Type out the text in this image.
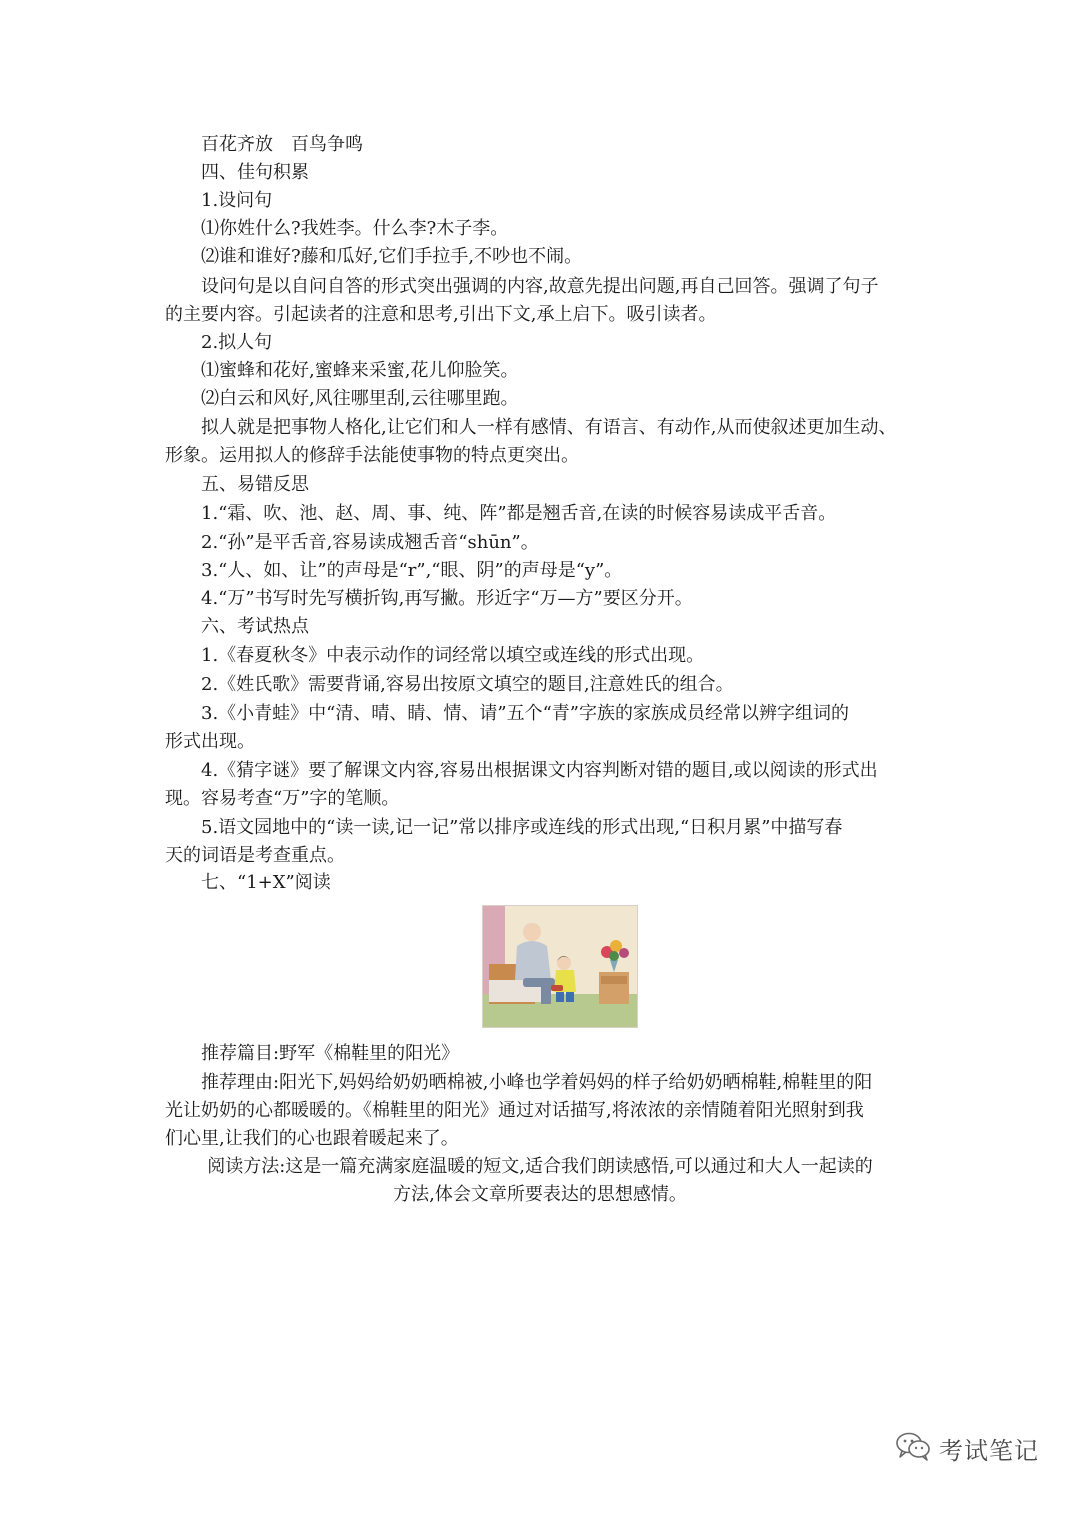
百花齐放　百鸟争鸣
四、佳句积累
1.设问句
⑴你姓什么?我姓李。什么李?木子李。
⑵谁和谁好?藤和瓜好,它们手拉手,不吵也不闹。
设问句是以自问自答的形式突出强调的内容,故意先提出问题,再自己回答。强调了句子
的主要内容。引起读者的注意和思考,引出下文,承上启下。吸引读者。
2.拟人句
⑴蜜蜂和花好,蜜蜂来采蜜,花儿仰脸笑。
⑵白云和风好,风往哪里刮,云往哪里跑。
拟人就是把事物人格化,让它们和人一样有感情、有语言、有动作,从而使叙述更加生动、
形象。运用拟人的修辞手法能使事物的特点更突出。
五、易错反思
1.“霜、吹、池、赵、周、事、纯、阵”都是翘舌音,在读的时候容易读成平舌音。
2.“孙”是平舌音,容易读成翘舌音“shūn”。
3.“人、如、让”的声母是“r”,“眼、阴”的声母是“y”。
4.“万”书写时先写横折钩,再写撇。形近字“万—方”要区分开。
六、考试热点
1.《春夏秋冬》中表示动作的词经常以填空或连线的形式出现。
2.《姓氏歌》需要背诵,容易出按原文填空的题目,注意姓氏的组合。
3.《小青蛙》中“清、晴、睛、情、请”五个“青”字族的家族成员经常以辨字组词的
形式出现。
4.《猜字谜》要了解课文内容,容易出根据课文内容判断对错的题目,或以阅读的形式出
现。容易考查“万”字的笔顺。
5.语文园地中的“读一读,记一记”常以排序或连线的形式出现,“日积月累”中描写春
天的词语是考查重点。
七、“1+X”阅读
推荐篇目:野军《棉鞋里的阳光》
推荐理由:阳光下,妈妈给奶奶晒棉被,小峰也学着妈妈的样子给奶奶晒棉鞋,棉鞋里的阳
光让奶奶的心都暖暖的。《棉鞋里的阳光》通过对话描写,将浓浓的亲情随着阳光照射到我
们心里,让我们的心也跟着暖起来了。
阅读方法:这是一篇充满家庭温暖的短文,适合我们朗读感悟,可以通过和大人一起读的
方法,体会文章所要表达的思想感情。
考试笔记
